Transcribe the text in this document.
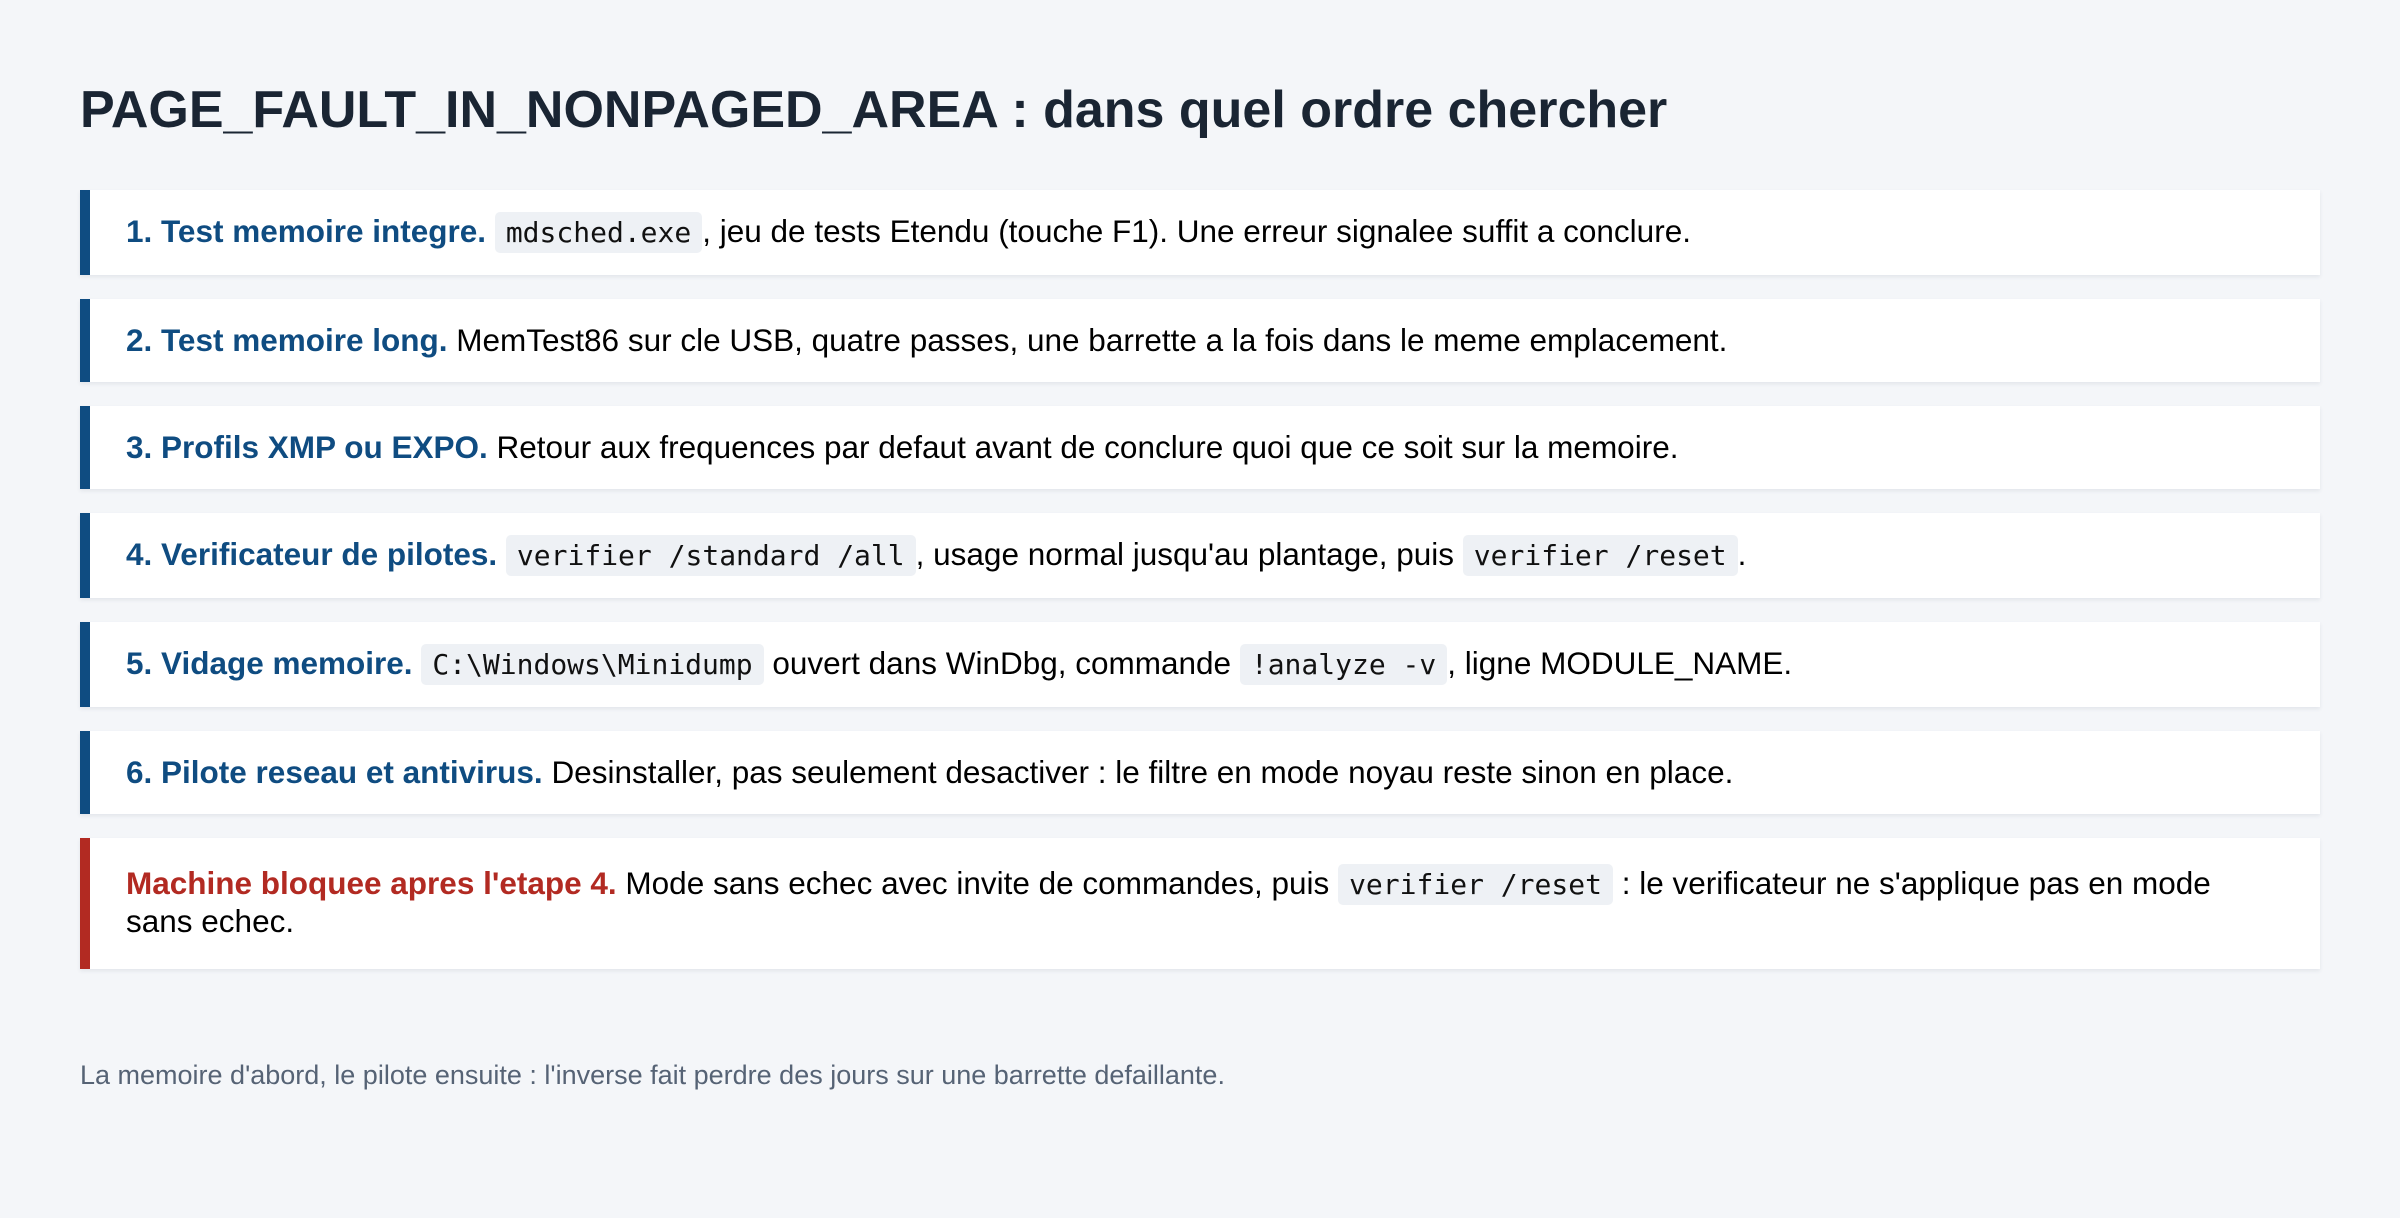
PAGE_FAULT_IN_NONPAGED_AREA : dans quel ordre chercher
1. Test memoire integre. mdsched.exe , jeu de tests Etendu (touche F1). Une erreur signalee suffit a conclure.
2. Test memoire long. MemTest86 sur cle USB, quatre passes, une barrette a la fois dans le meme emplacement.
3. Profils XMP ou EXPO. Retour aux frequences par defaut avant de conclure quoi que ce soit sur la memoire.
4. Verificateur de pilotes. verifier /standard /all , usage normal jusqu'au plantage, puis verifier /reset .
5. Vidage memoire. C:\Windows\Minidump ouvert dans WinDbg, commande !analyze -v , ligne MODULE_NAME.
6. Pilote reseau et antivirus. Desinstaller, pas seulement desactiver : le filtre en mode noyau reste sinon en place.
Machine bloquee apres l'etape 4. Mode sans echec avec invite de commandes, puis verifier /reset : le verificateur ne s'applique pas en mode sans echec.
La memoire d'abord, le pilote ensuite : l'inverse fait perdre des jours sur une barrette defaillante.
